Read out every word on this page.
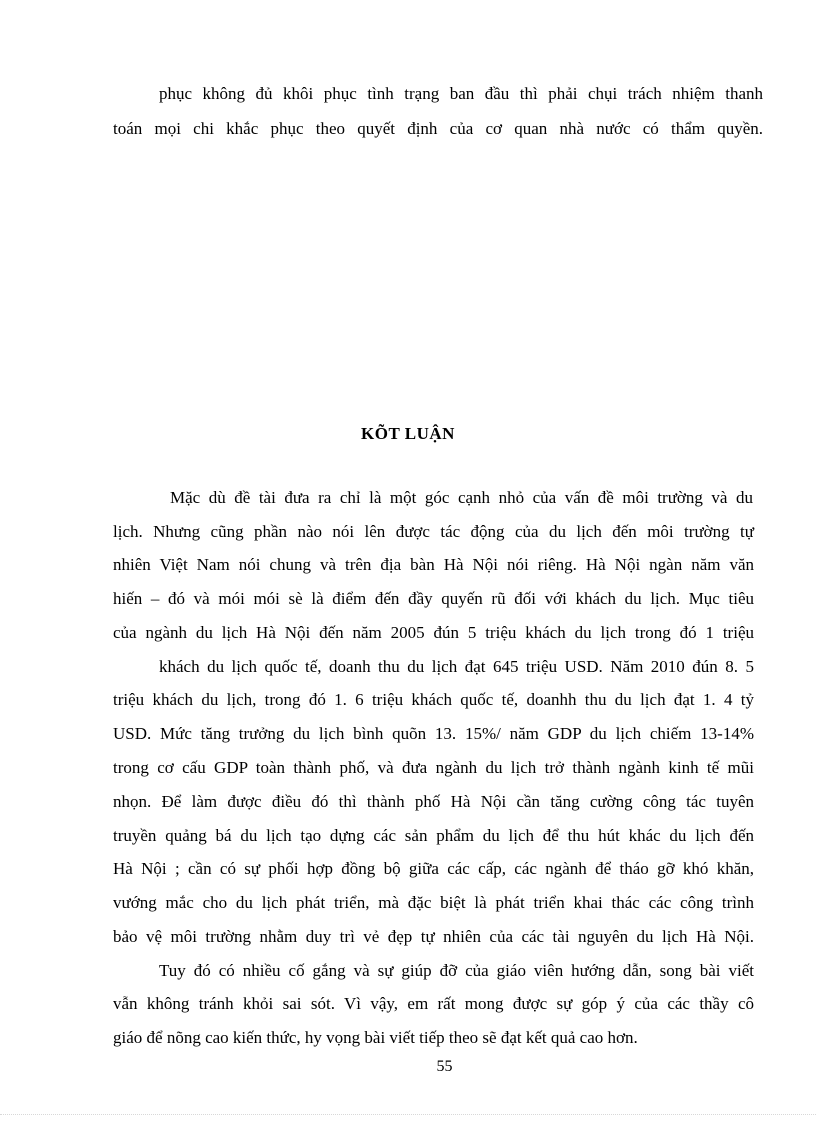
phục không đủ khôi phục tình trạng ban đầu thì phải chụi trách nhiệm thanh
toán mọi chi khắc phục theo quyết định của cơ quan nhà nước có thẩm quyền.
KÕT LUẬN
Mặc dù đề tài đưa ra chỉ là một góc cạnh nhỏ của vấn đề môi trường và du
lịch. Nhưng cũng phần nào nói lên được tác động của du lịch đến môi trường tự
nhiên Việt Nam nói chung và trên địa bàn Hà Nội nói riêng. Hà Nội ngàn năm văn
hiến – đó và mói mói sè là điểm đến đầy quyến rũ đối với khách du lịch. Mục tiêu
của ngành du lịch Hà Nội đến năm 2005 đún 5 triệu khách du lịch trong đó 1 triệu
khách du lịch quốc tế, doanh thu du lịch đạt 645 triệu USD. Năm 2010 đún 8. 5
triệu khách du lịch, trong đó 1. 6 triệu khách quốc tế, doanhh thu du lịch đạt 1. 4 tỷ
USD. Mức tăng trưởng du lịch bình quõn 13. 15%/ năm GDP du lịch chiếm 13-14%
trong cơ cấu GDP toàn thành phố, và đưa ngành du lịch trở thành ngành kinh tế mũi
nhọn. Để làm được điều đó thì thành phố Hà Nội cần tăng cường công tác tuyên
truyền quảng bá du lịch tạo dựng các sản phẩm du lịch để thu hút khác du lịch đến
Hà Nội ; cần có sự phối hợp đồng bộ giữa các cấp, các ngành để tháo gỡ khó khăn,
vướng mắc cho du lịch phát triển, mà đặc biệt là phát triển khai thác các công trình
bảo vệ môi trường nhằm duy trì vẻ đẹp tự nhiên của các tài nguyên du lịch Hà Nội.
Tuy đó có nhiều cố gắng và sự giúp đỡ của giáo viên hướng dẫn, song bài viết
vẫn không tránh khỏi sai sót. Vì vậy, em rất mong được sự góp ý của các thầy cô
giáo để nõng cao kiến thức, hy vọng bài viết tiếp theo sẽ đạt kết quả cao hơn.
55
